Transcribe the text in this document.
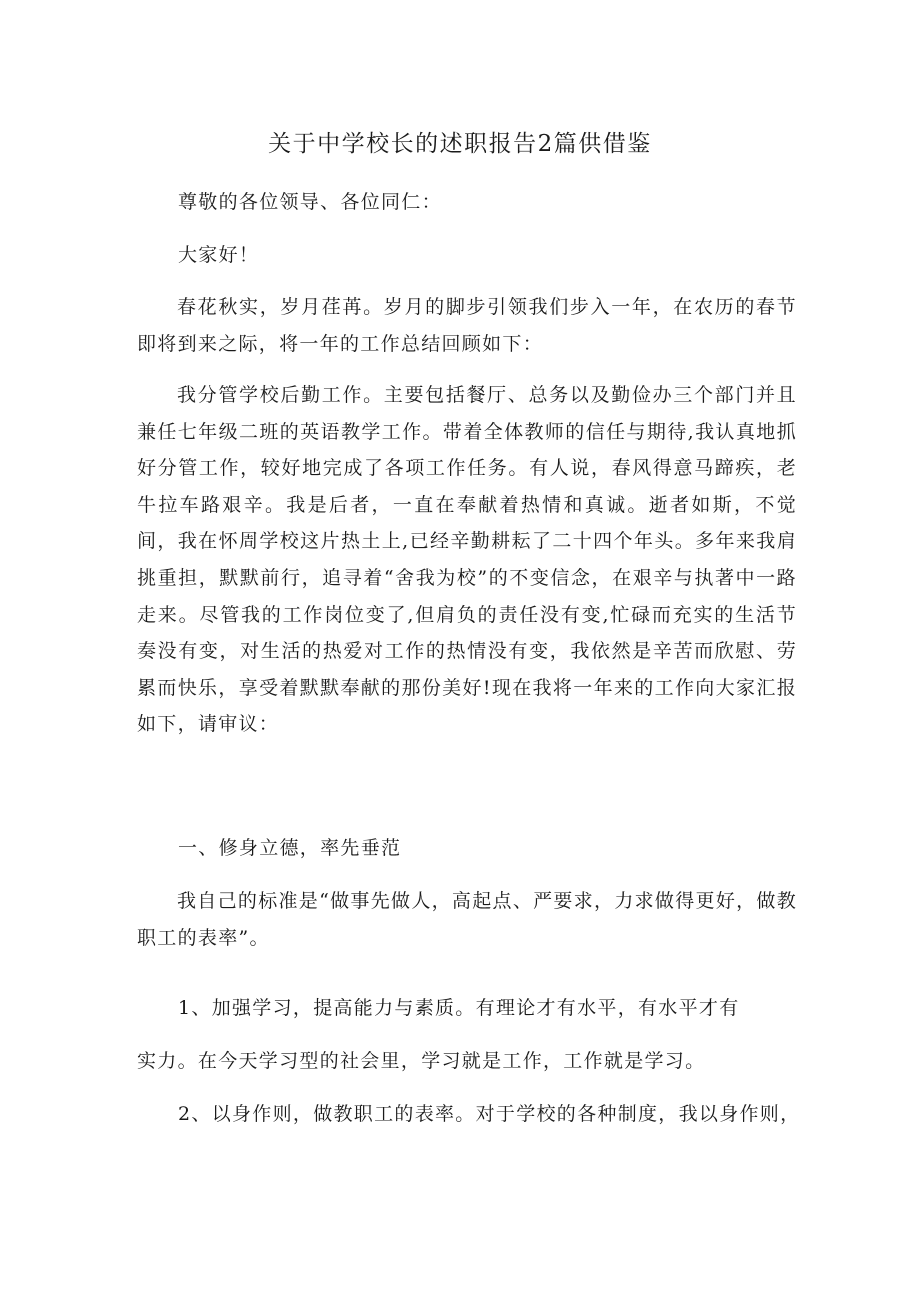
关于中学校长的述职报告2篇供借鉴

尊敬的各位领导、各位同仁：

大家好！

春花秋实，岁月荏苒。岁月的脚步引领我们步入一年，在农历的春节即将到来之际，将一年的工作总结回顾如下：

我分管学校后勤工作。主要包括餐厅、总务以及勤俭办三个部门并且兼任七年级二班的英语教学工作。带着全体教师的信任与期待,我认真地抓好分管工作，较好地完成了各项工作任务。有人说，春风得意马蹄疾，老牛拉车路艰辛。我是后者，一直在奉献着热情和真诚。逝者如斯，不觉间，我在怀周学校这片热土上,已经辛勤耕耘了二十四个年头。多年来我肩挑重担，默默前行，追寻着“舍我为校”的不变信念，在艰辛与执著中一路走来。尽管我的工作岗位变了,但肩负的责任没有变,忙碌而充实的生活节奏没有变，对生活的热爱对工作的热情没有变，我依然是辛苦而欣慰、劳累而快乐，享受着默默奉献的那份美好!现在我将一年来的工作向大家汇报如下，请审议：

一、修身立德，率先垂范

我自己的标准是“做事先做人，高起点、严要求，力求做得更好，做教职工的表率”。

1、加强学习，提高能力与素质。有理论才有水平，有水平才有

实力。在今天学习型的社会里，学习就是工作，工作就是学习。

2、以身作则，做教职工的表率。对于学校的各种制度，我以身作则，
